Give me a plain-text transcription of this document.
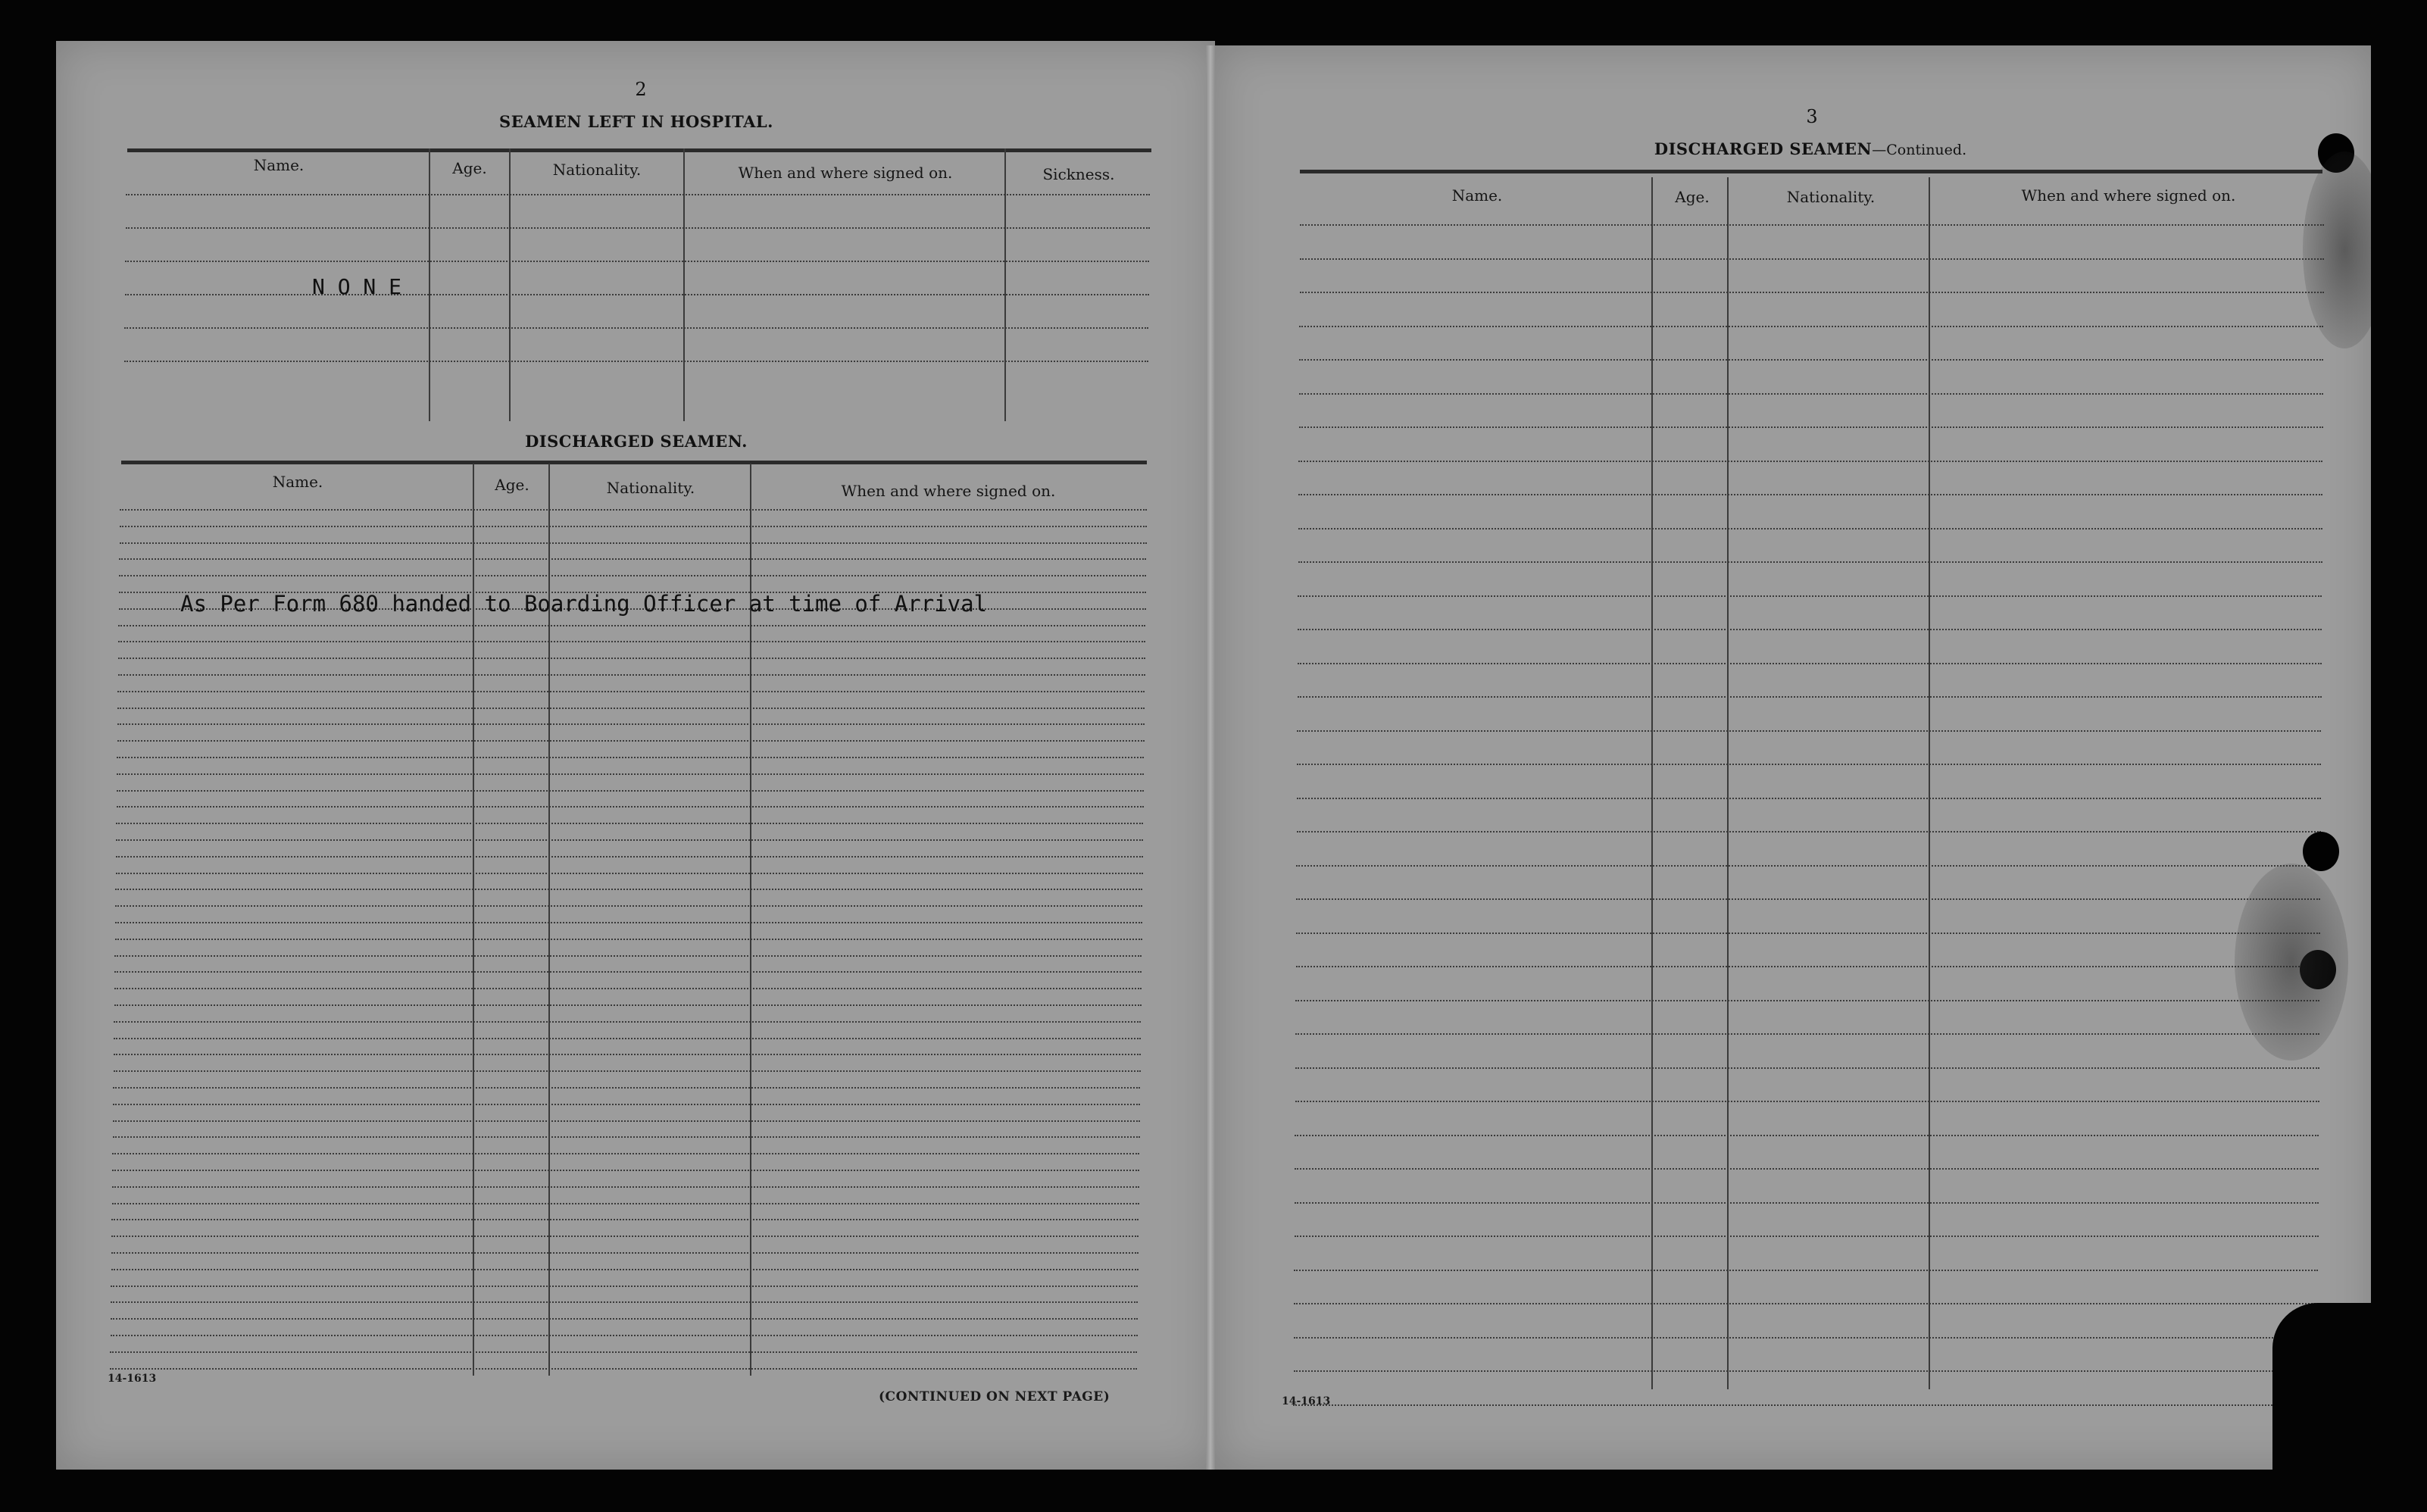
2
SEAMEN LEFT IN HOSPITAL.
Name.	Age.	Nationality.	When and where signed on.	Sickness.
N O N E
DISCHARGED SEAMEN.
Name.	Age.	Nationality.	When and where signed on.
As Per Form 680 handed to Boarding Officer at time of Arrival
14-1613
(CONTINUED ON NEXT PAGE)
3
DISCHARGED SEAMEN—Continued.
Name.	Age.	Nationality.	When and where signed on.
14-1613
